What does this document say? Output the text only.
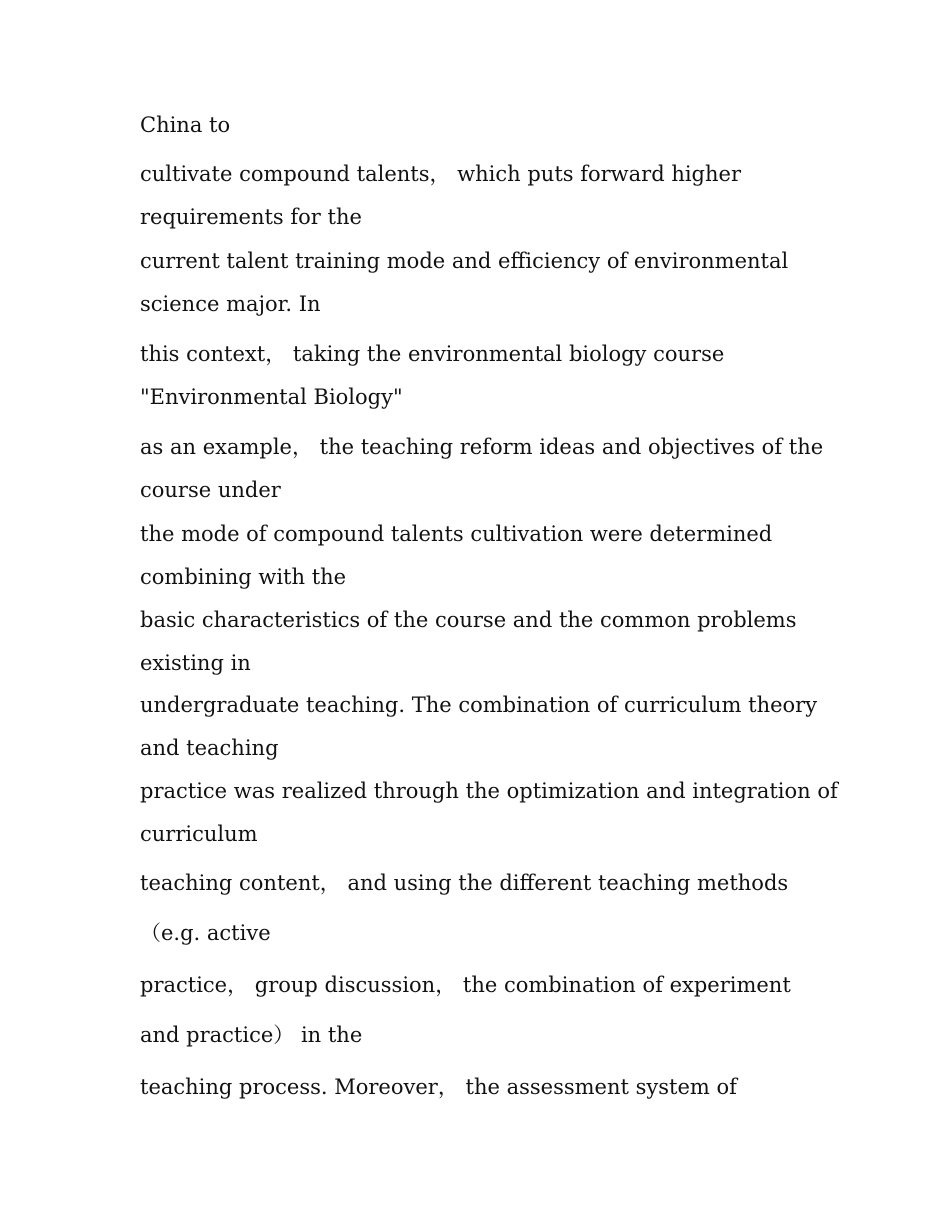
China to

cultivate compound talents， which puts forward higher
requirements for the

current talent training mode and efficiency of environmental
science major. In

this context， taking the environmental biology course
"Environmental Biology"

as an example， the teaching reform ideas and objectives of the
course under

the mode of compound talents cultivation were determined
combining with the

basic characteristics of the course and the common problems
existing in

undergraduate teaching. The combination of curriculum theory
and teaching

practice was realized through the optimization and integration of
curriculum

teaching content， and using the different teaching methods
（e.g. active

practice， group discussion， the combination of experiment
and practice） in the

teaching process. Moreover， the assessment system of
